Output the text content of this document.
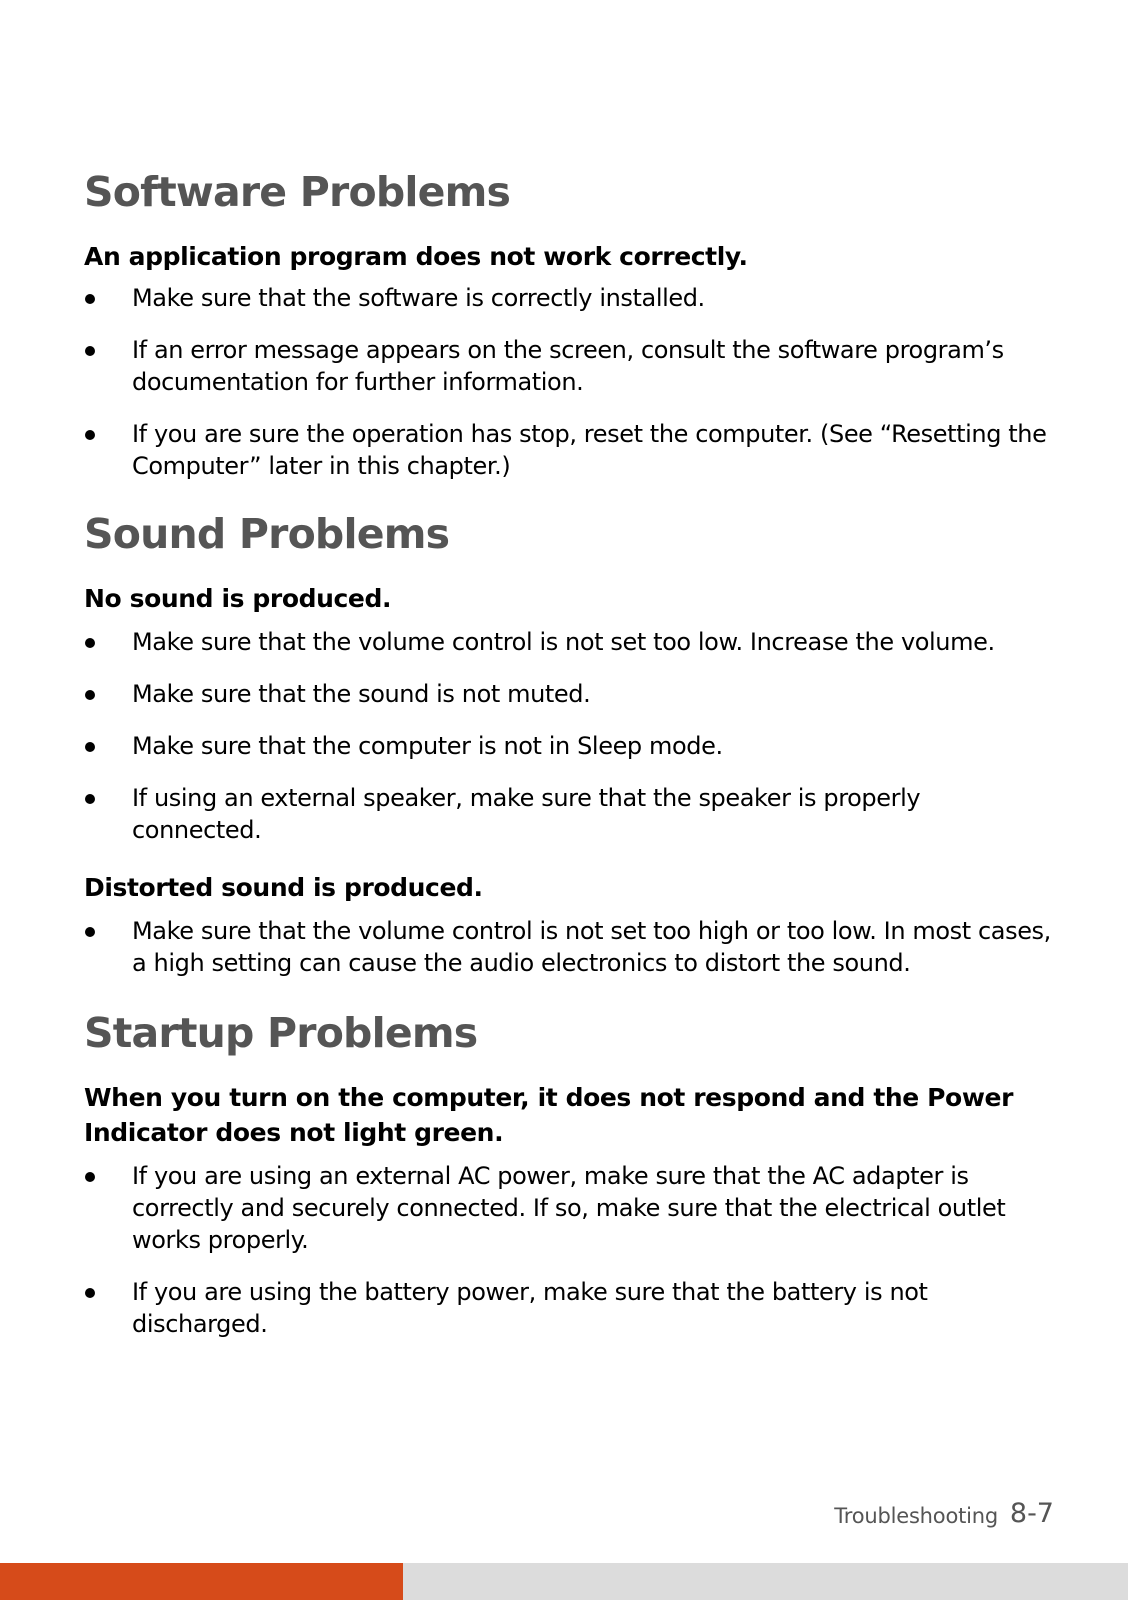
Software Problems
An application program does not work correctly.
Make sure that the software is correctly installed.
If an error message appears on the screen, consult the software program’s documentation for further information.
If you are sure the operation has stop, reset the computer. (See “Resetting the Computer” later in this chapter.)
Sound Problems
No sound is produced.
Make sure that the volume control is not set too low. Increase the volume.
Make sure that the sound is not muted.
Make sure that the computer is not in Sleep mode.
If using an external speaker, make sure that the speaker is properly connected.
Distorted sound is produced.
Make sure that the volume control is not set too high or too low. In most cases, a high setting can cause the audio electronics to distort the sound.
Startup Problems
When you turn on the computer, it does not respond and the Power Indicator does not light green.
If you are using an external AC power, make sure that the AC adapter is correctly and securely connected. If so, make sure that the electrical outlet works properly.
If you are using the battery power, make sure that the battery is not discharged.
Troubleshooting 8-7
